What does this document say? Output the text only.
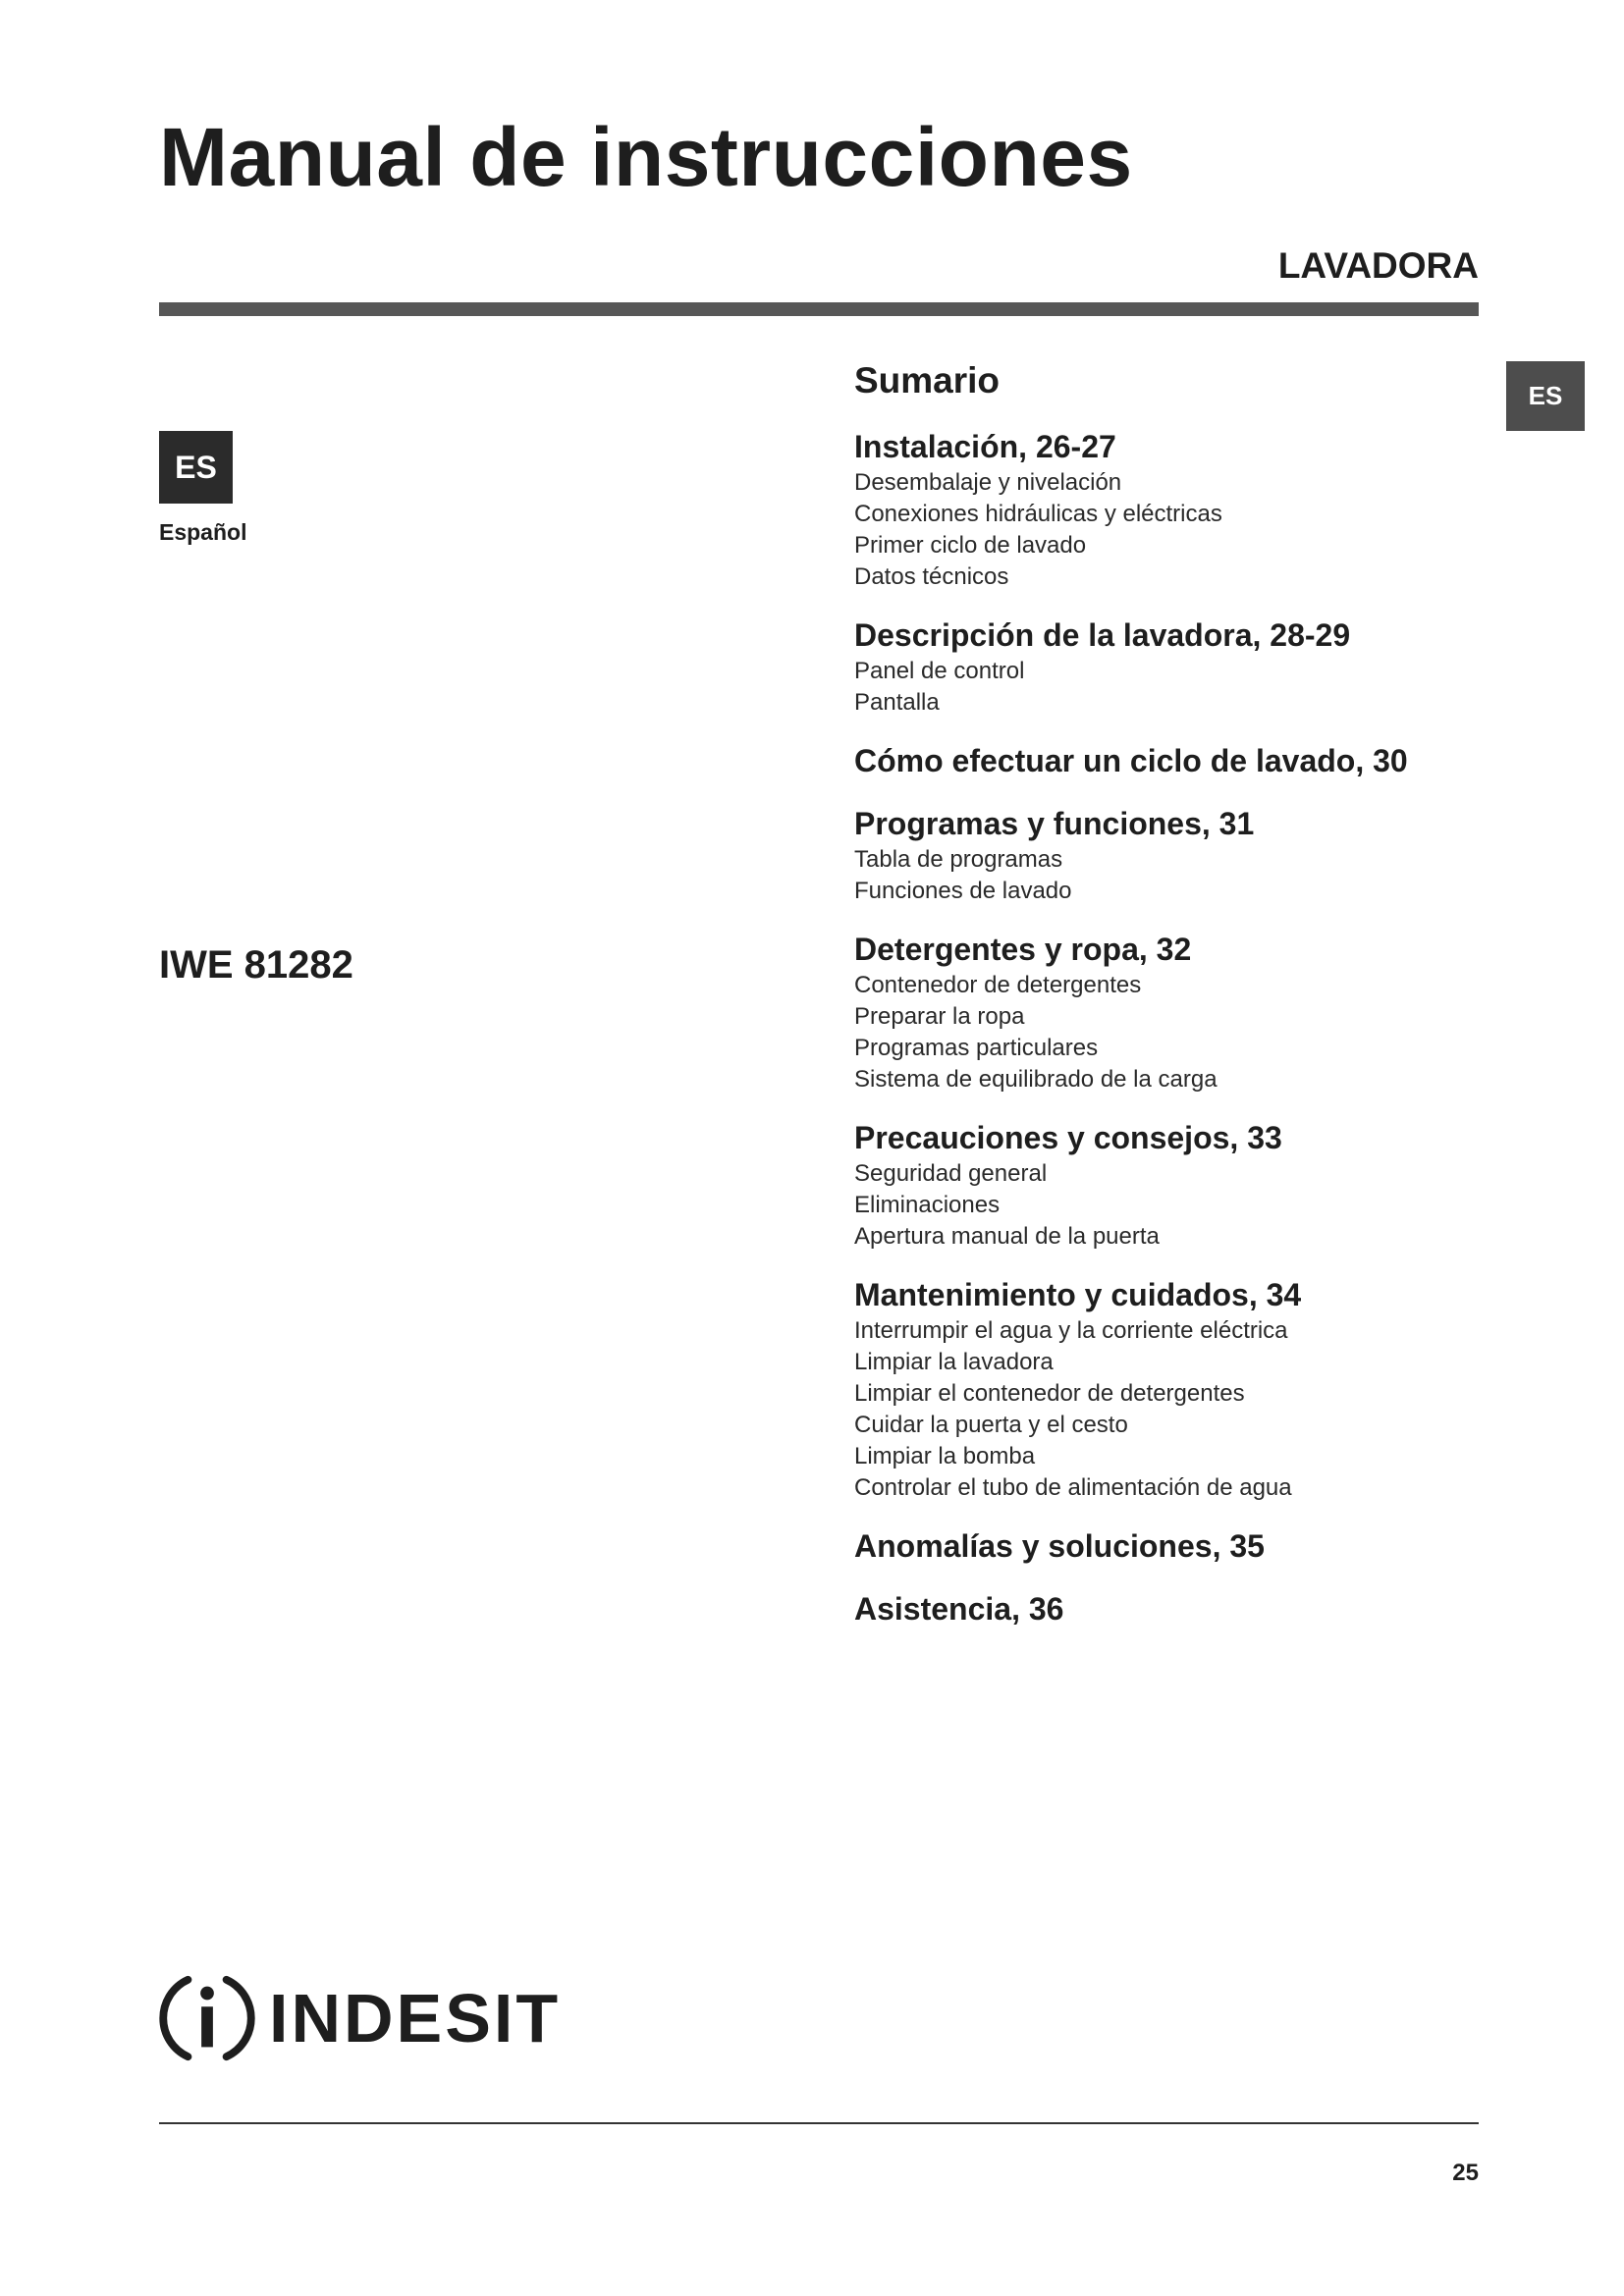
Manual de instrucciones
LAVADORA
ES
ES
Español
IWE 81282
Sumario
Instalación, 26-27
Desembalaje y nivelación
Conexiones hidráulicas y eléctricas
Primer ciclo de lavado
Datos técnicos
Descripción de la lavadora, 28-29
Panel de control
Pantalla
Cómo efectuar un ciclo de lavado, 30
Programas y funciones, 31
Tabla de programas
Funciones de lavado
Detergentes y ropa, 32
Contenedor de detergentes
Preparar la ropa
Programas particulares
Sistema de equilibrado de la carga
Precauciones y consejos, 33
Seguridad general
Eliminaciones
Apertura manual de la puerta
Mantenimiento y cuidados, 34
Interrumpir el agua y la corriente eléctrica
Limpiar la lavadora
Limpiar el contenedor de detergentes
Cuidar la puerta y el cesto
Limpiar la bomba
Controlar el tubo de alimentación de agua
Anomalías y soluciones, 35
Asistencia, 36
INDESIT
25
